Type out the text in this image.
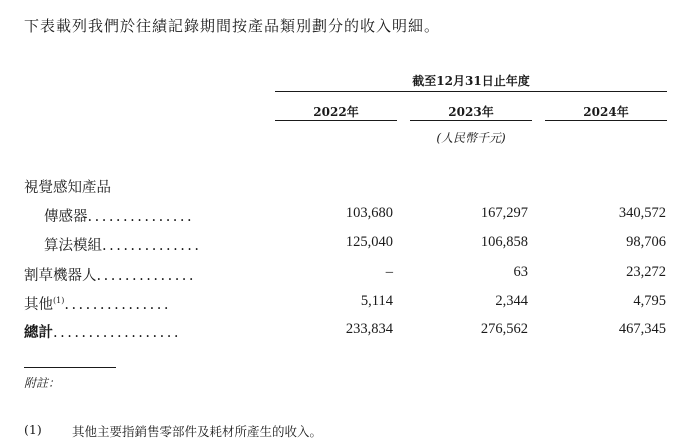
下表載列我們於往績記錄期間按產品類別劃分的收入明細。
截至12月31日止年度
2022年	2023年	2024年
(人民幣千元)
視覺感知產品
傳感器...............	103,680	167,297	340,572
算法模組..............	125,040	106,858	98,706
割草機器人..............	–	63	23,272
其他$^{(1)}$...............	5,114	2,344	4,795
總計..................	233,834	276,562	467,345
附註：
(1) 其他主要指銷售零部件及耗材所產生的收入。
